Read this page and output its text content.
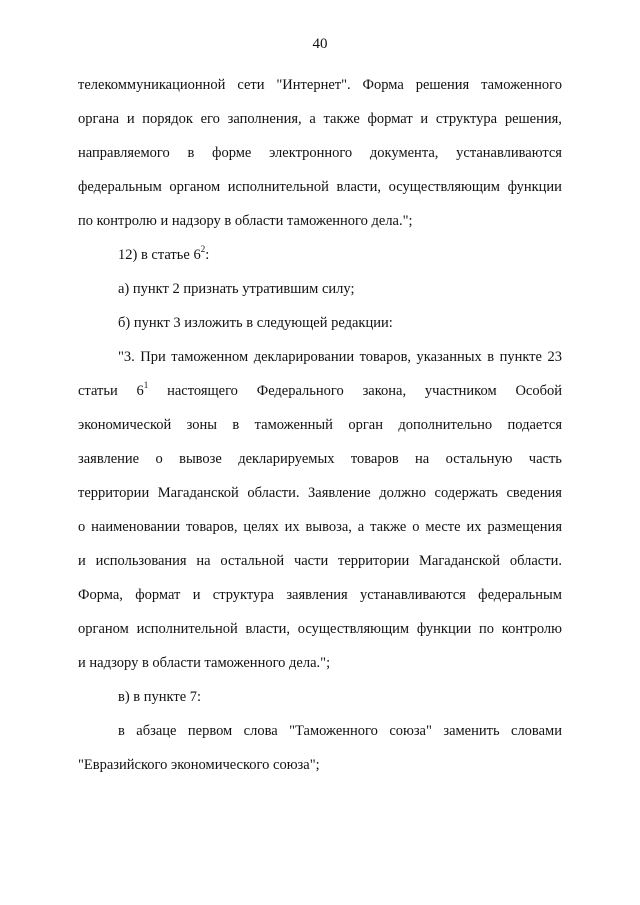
40
телекоммуникационной сети "Интернет". Форма решения таможенного
органа и порядок его заполнения, а также формат и структура решения,
направляемого в форме электронного документа, устанавливаются
федеральным органом исполнительной власти, осуществляющим функции
по контролю и надзору в области таможенного дела.";
12) в статье $6^2$:
а) пункт 2 признать утратившим силу;
б) пункт 3 изложить в следующей редакции:
"3. При таможенном декларировании товаров, указанных в пункте 23
статьи $6^1$ настоящего Федерального закона, участником Особой
экономической зоны в таможенный орган дополнительно подается
заявление о вывозе декларируемых товаров на остальную часть
территории Магаданской области. Заявление должно содержать сведения
о наименовании товаров, целях их вывоза, а также о месте их размещения
и использования на остальной части территории Магаданской области.
Форма, формат и структура заявления устанавливаются федеральным
органом исполнительной власти, осуществляющим функции по контролю
и надзору в области таможенного дела.";
в) в пункте 7:
в абзаце первом слова "Таможенного союза" заменить словами
"Евразийского экономического союза";
